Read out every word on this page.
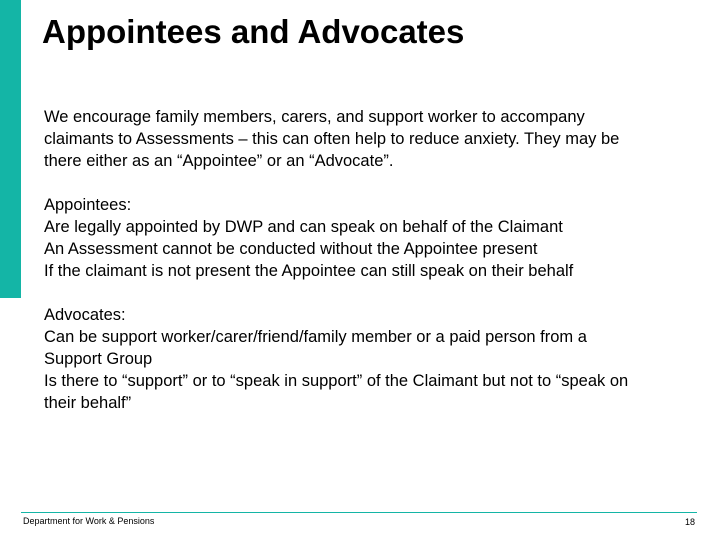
Appointees and Advocates

We encourage family members, carers, and support worker to accompany

claimants to Assessments – this can often help to reduce anxiety. They may be

there either as an “Appointee” or an “Advocate”.

Appointees:

Are legally appointed by DWP and can speak on behalf of the Claimant

An Assessment cannot be conducted without the Appointee present

If the claimant is not present the Appointee can still speak on their behalf

Advocates:

Can be support worker/carer/friend/family member or a paid person from a

Support Group

Is there to “support” or to “speak in support” of the Claimant but not to “speak on

their behalf”

Department for Work & Pensions	18
